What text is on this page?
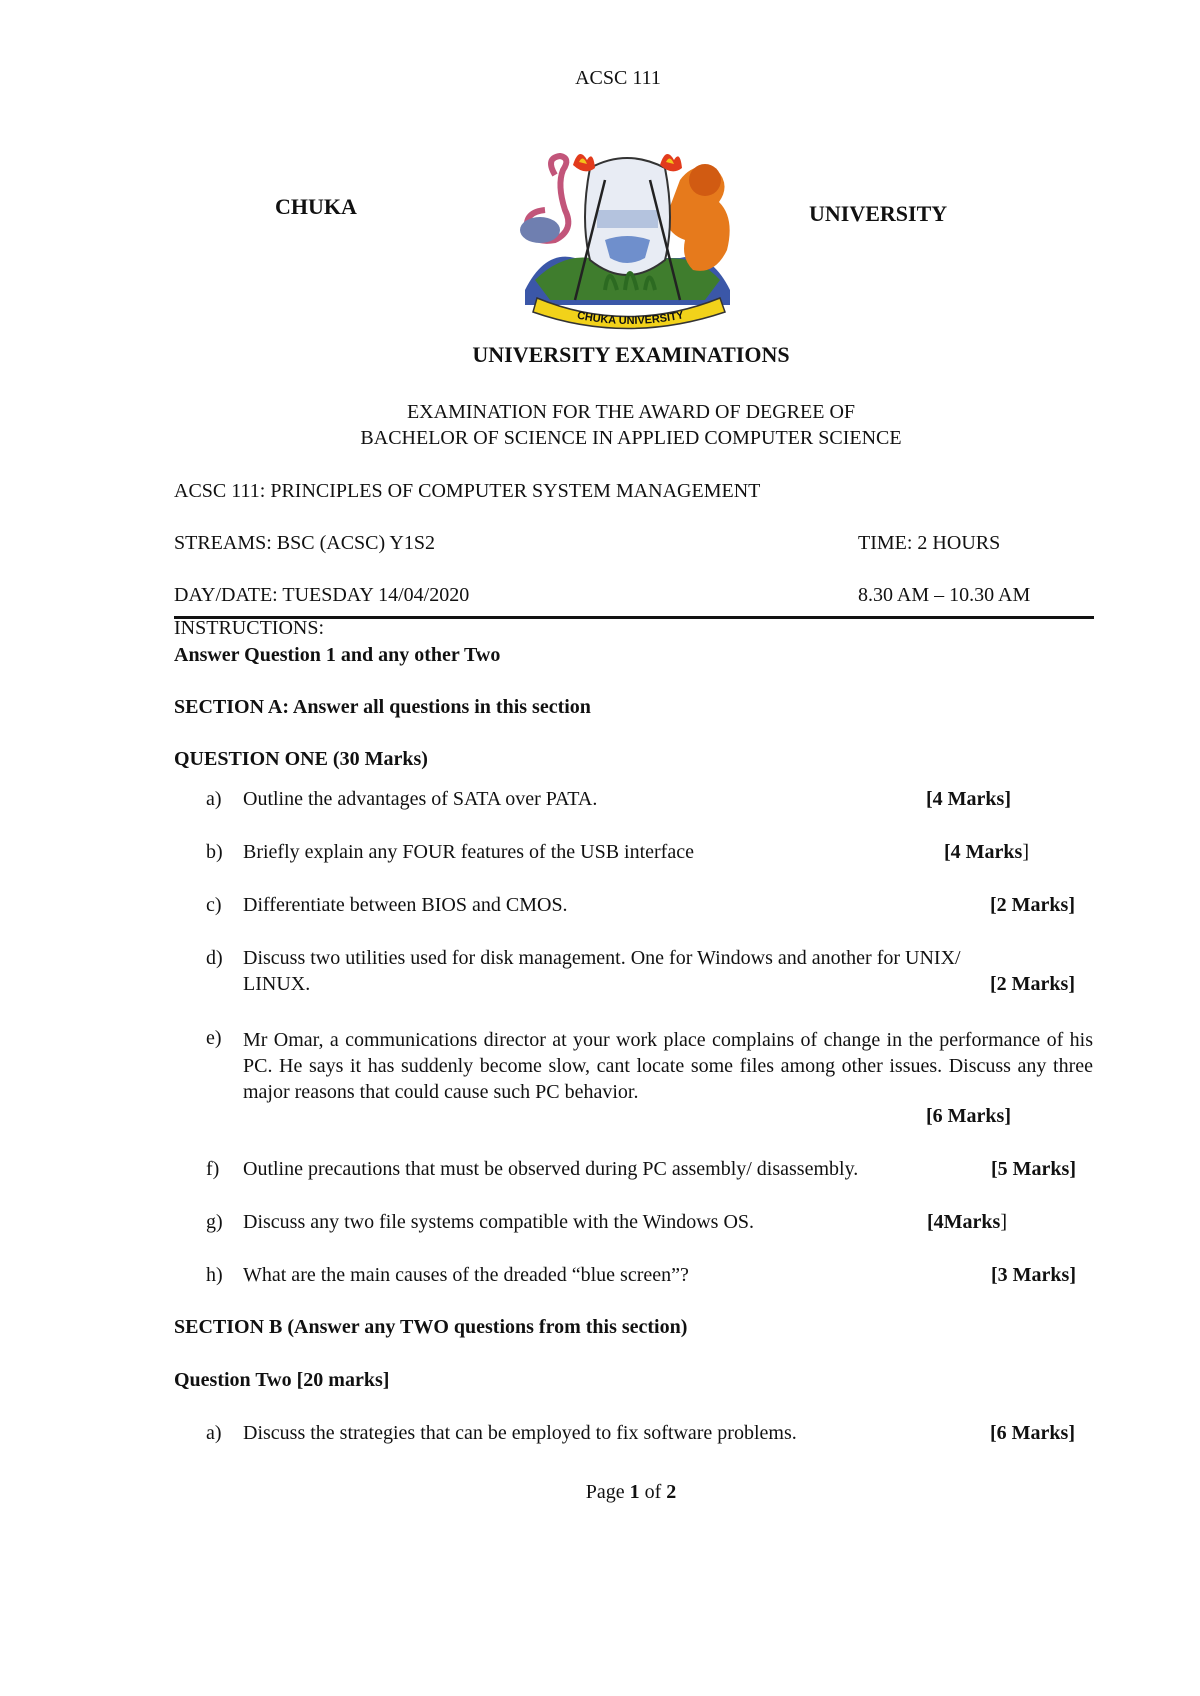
ACSC 111
CHUKA	UNIVERSITY
CHUKA UNIVERSITY
UNIVERSITY EXAMINATIONS
EXAMINATION FOR THE AWARD OF DEGREE OF
BACHELOR OF SCIENCE IN APPLIED COMPUTER SCIENCE
ACSC 111: PRINCIPLES OF COMPUTER SYSTEM MANAGEMENT
STREAMS: BSC (ACSC) Y1S2	TIME: 2 HOURS
DAY/DATE: TUESDAY 14/04/2020	8.30 AM – 10.30 AM
INSTRUCTIONS:
Answer Question 1 and any other Two
SECTION A: Answer all questions in this section
QUESTION ONE (30 Marks)
a) Outline the advantages of SATA over PATA.	[4 Marks]
b) Briefly explain any FOUR features of the USB interface	[4 Marks]
c) Differentiate between BIOS and CMOS.	[2 Marks]
d) Discuss two utilities used for disk management. One for Windows and another for UNIX/
LINUX.	[2 Marks]
e) Mr Omar, a communications director at your work place complains of change in the performance of his PC. He says it has suddenly become slow, cant locate some files among other issues. Discuss any three major reasons that could cause such PC behavior.
[6 Marks]
f) Outline precautions that must be observed during PC assembly/ disassembly.	[5 Marks]
g) Discuss any two file systems compatible with the Windows OS.	[4Marks]
h) What are the main causes of the dreaded “blue screen”?	[3 Marks]
SECTION B (Answer any TWO questions from this section)
Question Two [20 marks]
a) Discuss the strategies that can be employed to fix software problems.	[6 Marks]
Page 1 of 2
